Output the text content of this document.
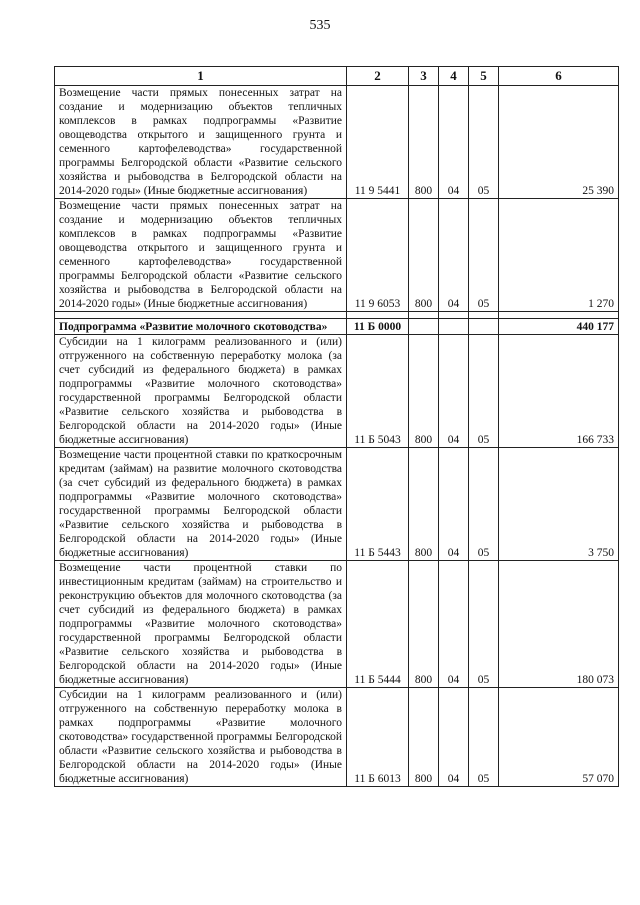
535
1	2	3	4	5	6
Возмещение части прямых понесенных затрат на создание и модернизацию объектов тепличных комплексов в рамках подпрограммы «Развитие овощеводства открытого и защищенного грунта и семенного картофелеводства» государственной программы Белгородской области «Развитие сельского хозяйства и рыбоводства в Белгородской области на 2014-2020 годы» (Иные бюджетные ассигнования)	11 9 5441	800	04	05	25 390
Возмещение части прямых понесенных затрат на создание и модернизацию объектов тепличных комплексов в рамках подпрограммы «Развитие овощеводства открытого и защищенного грунта и семенного картофелеводства» государственной программы Белгородской области «Развитие сельского хозяйства и рыбоводства в Белгородской области на 2014-2020 годы» (Иные бюджетные ассигнования)	11 9 6053	800	04	05	1 270

Подпрограмма «Развитие молочного скотоводства»	11 Б 0000				440 177
Субсидии на 1 килограмм реализованного и (или) отгруженного на собственную переработку молока (за счет субсидий из федерального бюджета) в рамках подпрограммы «Развитие молочного скотоводства» государственной программы Белгородской области «Развитие сельского хозяйства и рыбоводства в Белгородской области на 2014-2020 годы» (Иные бюджетные ассигнования)	11 Б 5043	800	04	05	166 733
Возмещение части процентной ставки по краткосрочным кредитам (займам) на развитие молочного скотоводства (за счет субсидий из федерального бюджета) в рамках подпрограммы «Развитие молочного скотоводства» государственной программы Белгородской области «Развитие сельского хозяйства и рыбоводства в Белгородской области на 2014-2020 годы» (Иные бюджетные ассигнования)	11 Б 5443	800	04	05	3 750
Возмещение части процентной ставки по инвестиционным кредитам (займам) на строительство и реконструкцию объектов для молочного скотоводства (за счет субсидий из федерального бюджета) в рамках подпрограммы «Развитие молочного скотоводства» государственной программы Белгородской области «Развитие сельского хозяйства и рыбоводства в Белгородской области на 2014-2020 годы» (Иные бюджетные ассигнования)	11 Б 5444	800	04	05	180 073
Субсидии на 1 килограмм реализованного и (или) отгруженного на собственную переработку молока в рамках подпрограммы «Развитие молочного скотоводства» государственной программы Белгородской области «Развитие сельского хозяйства и рыбоводства в Белгородской области на 2014-2020 годы» (Иные бюджетные ассигнования)	11 Б 6013	800	04	05	57 070
